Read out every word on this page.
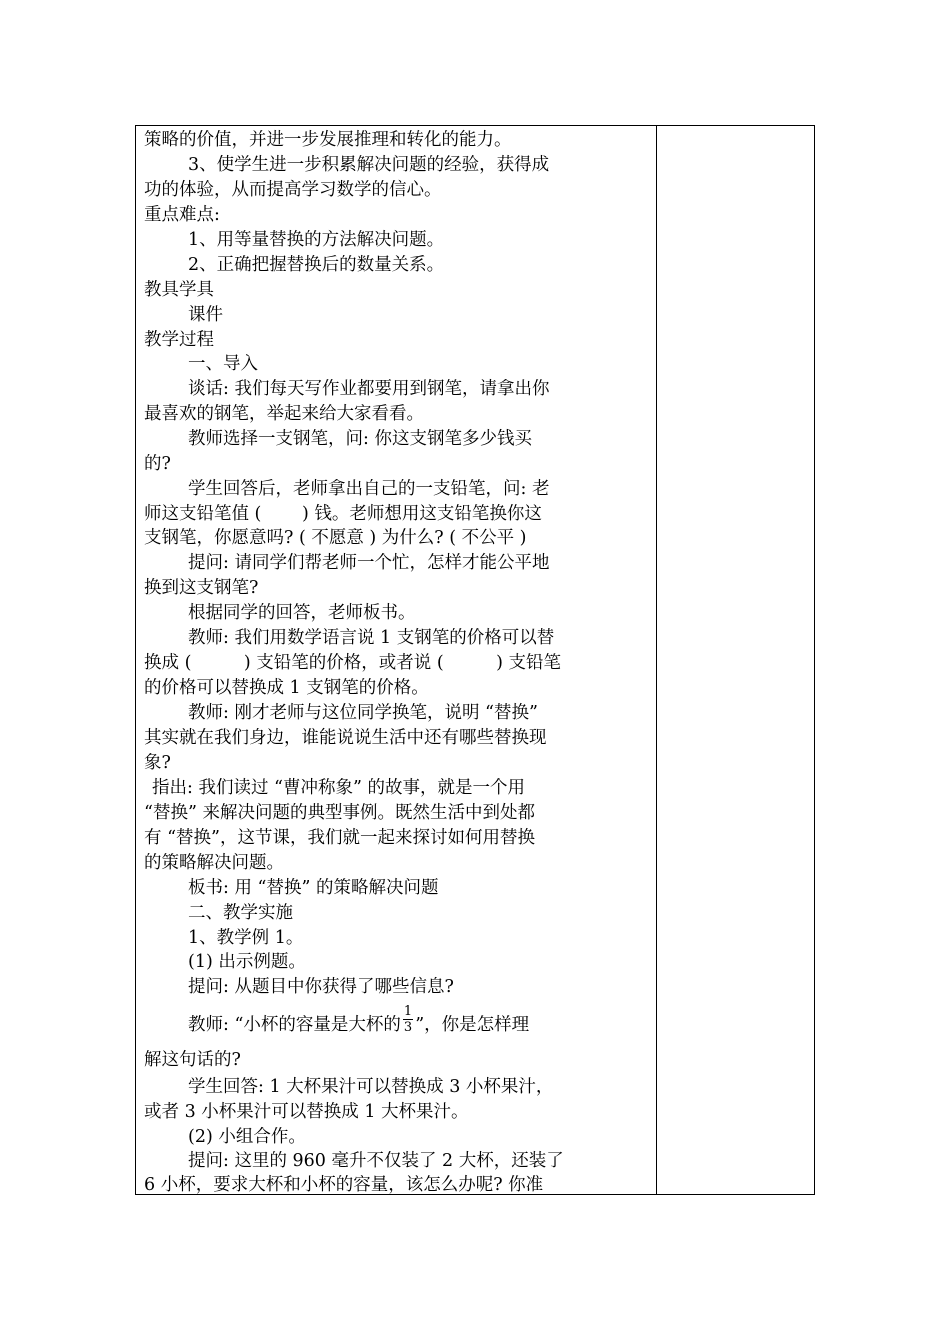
策略的价值，并进一步发展推理和转化的能力。
3、使学生进一步积累解决问题的经验，获得成
功的体验，从而提高学习数学的信心。
重点难点:
1、用等量替换的方法解决问题。
2、正确把握替换后的数量关系。
教具学具
课件
教学过程
一、导入
谈话: 我们每天写作业都要用到钢笔，请拿出你
最喜欢的钢笔，举起来给大家看看。
教师选择一支钢笔，问: 你这支钢笔多少钱买
的?
学生回答后，老师拿出自己的一支铅笔，问: 老
师这支铅笔值 (　　 ) 钱。老师想用这支铅笔换你这
支钢笔，你愿意吗? ( 不愿意 ) 为什么? ( 不公平 )
提问: 请同学们帮老师一个忙，怎样才能公平地
换到这支钢笔?
根据同学的回答，老师板书。
教师: 我们用数学语言说 1 支钢笔的价格可以替
换成 (　　　) 支铅笔的价格，或者说 (　　　) 支铅笔
的价格可以替换成 1 支钢笔的价格。
教师: 刚才老师与这位同学换笔，说明 “替换”
其实就在我们身边，谁能说说生活中还有哪些替换现
象?
指出: 我们读过 “曹冲称象” 的故事，就是一个用
“替换” 来解决问题的典型事例。既然生活中到处都
有 “替换”，这节课，我们就一起来探讨如何用替换
的策略解决问题。
板书: 用 “替换” 的策略解决问题
二、教学实施
1、教学例 1。
(1) 出示例题。
提问: 从题目中你获得了哪些信息?
教师: “小杯的容量是大杯的 $\frac{1}{3}$ ”，你是怎样理
解这句话的?
学生回答: 1 大杯果汁可以替换成 3 小杯果汁，
或者 3 小杯果汁可以替换成 1 大杯果汁。
(2) 小组合作。
提问: 这里的 960 毫升不仅装了 2 大杯，还装了
6 小杯，要求大杯和小杯的容量，该怎么办呢? 你准
